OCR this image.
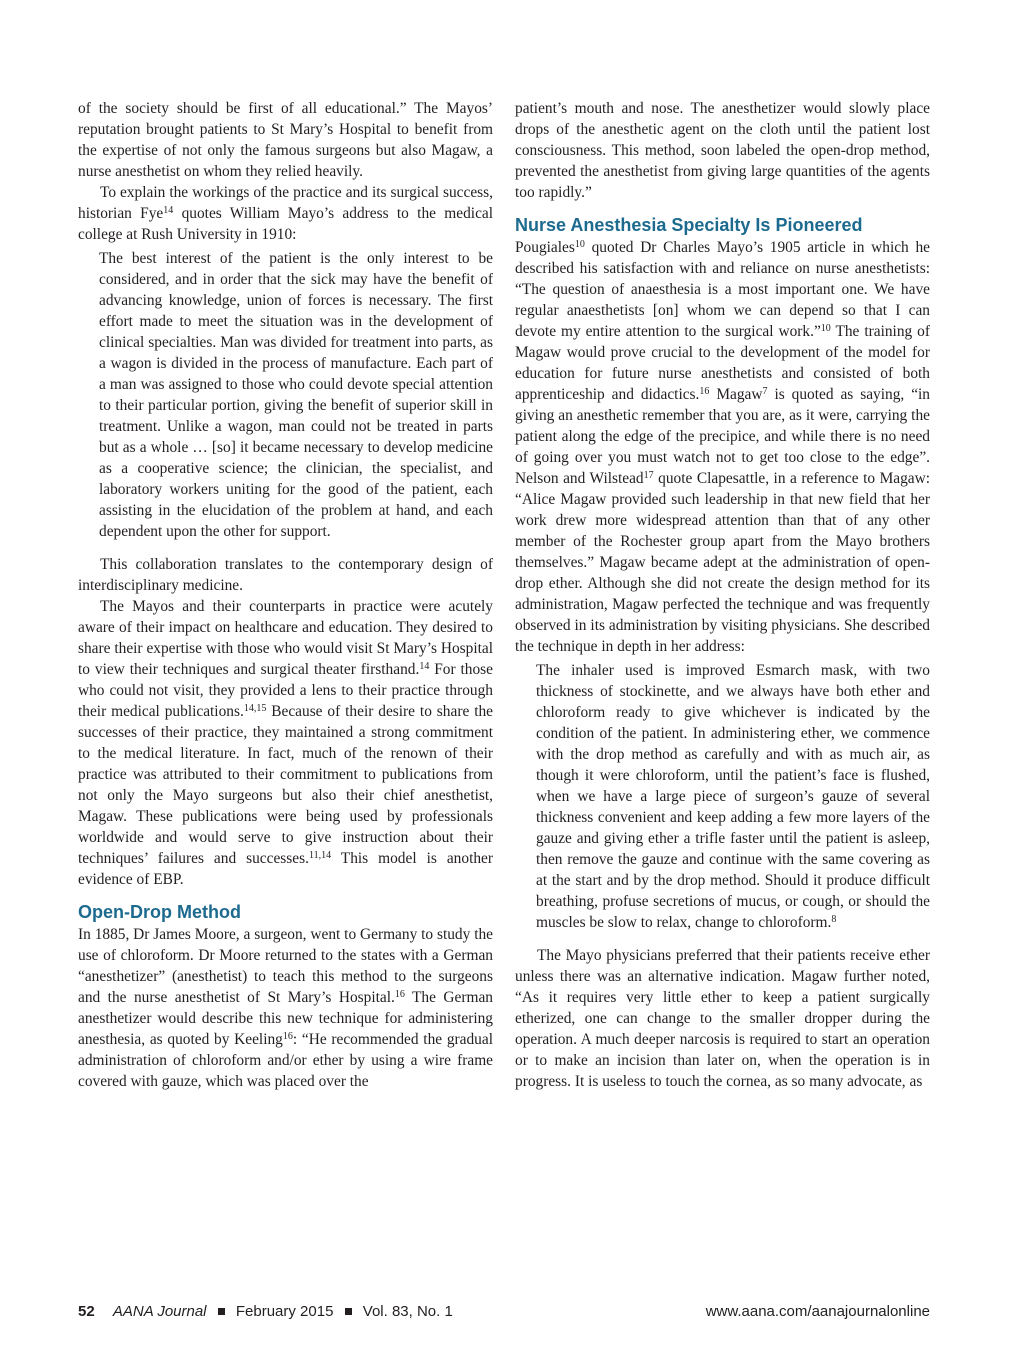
of the society should be first of all educational.” The Mayos’ reputation brought patients to St Mary’s Hospital to benefit from the expertise of not only the famous surgeons but also Magaw, a nurse anesthetist on whom they relied heavily.

To explain the workings of the practice and its surgical success, historian Fye$^{14}$ quotes William Mayo’s address to the medical college at Rush University in 1910:

The best interest of the patient is the only interest to be considered, and in order that the sick may have the benefit of advancing knowledge, union of forces is necessary. The first effort made to meet the situation was in the development of clinical specialties. Man was divided for treatment into parts, as a wagon is divided in the process of manufacture. Each part of a man was assigned to those who could devote special attention to their particular portion, giving the benefit of superior skill in treatment. Unlike a wagon, man could not be treated in parts but as a whole … [so] it became necessary to develop medicine as a cooperative science; the clinician, the specialist, and laboratory workers uniting for the good of the patient, each assisting in the elucidation of the problem at hand, and each dependent upon the other for support.

This collaboration translates to the contemporary design of interdisciplinary medicine.

The Mayos and their counterparts in practice were acutely aware of their impact on healthcare and education. They desired to share their expertise with those who would visit St Mary’s Hospital to view their techniques and surgical theater firsthand.$^{14}$ For those who could not visit, they provided a lens to their practice through their medical publications.$^{14,15}$ Because of their desire to share the successes of their practice, they maintained a strong commitment to the medical literature. In fact, much of the renown of their practice was attributed to their commitment to publications from not only the Mayo surgeons but also their chief anesthetist, Magaw. These publications were being used by professionals worldwide and would serve to give instruction about their techniques’ failures and successes.$^{11,14}$ This model is another evidence of EBP.

Open-Drop Method

In 1885, Dr James Moore, a surgeon, went to Germany to study the use of chloroform. Dr Moore returned to the states with a German “anesthetizer” (anesthetist) to teach this method to the surgeons and the nurse anesthetist of St Mary’s Hospital.$^{16}$ The German anesthetizer would describe this new technique for administering anesthesia, as quoted by Keeling$^{16}$: “He recommended the gradual administration of chloroform and/or ether by using a wire frame covered with gauze, which was placed over the

patient’s mouth and nose. The anesthetizer would slowly place drops of the anesthetic agent on the cloth until the patient lost consciousness. This method, soon labeled the open-drop method, prevented the anesthetist from giving large quantities of the agents too rapidly.”

Nurse Anesthesia Specialty Is Pioneered

Pougiales$^{10}$ quoted Dr Charles Mayo’s 1905 article in which he described his satisfaction with and reliance on nurse anesthetists: “The question of anaesthesia is a most important one. We have regular anaesthetists [on] whom we can depend so that I can devote my entire attention to the surgical work.”$^{10}$ The training of Magaw would prove crucial to the development of the model for education for future nurse anesthetists and consisted of both apprenticeship and didactics.$^{16}$ Magaw$^7$ is quoted as saying, “in giving an anesthetic remember that you are, as it were, carrying the patient along the edge of the precipice, and while there is no need of going over you must watch not to get too close to the edge”. Nelson and Wilstead$^{17}$ quote Clapesattle, in a reference to Magaw: “Alice Magaw provided such leadership in that new field that her work drew more widespread attention than that of any other member of the Rochester group apart from the Mayo brothers themselves.” Magaw became adept at the administration of open-drop ether. Although she did not create the design method for its administration, Magaw perfected the technique and was frequently observed in its administration by visiting physicians. She described the technique in depth in her address:

The inhaler used is improved Esmarch mask, with two thickness of stockinette, and we always have both ether and chloroform ready to give whichever is indicated by the condition of the patient. In administering ether, we commence with the drop method as carefully and with as much air, as though it were chloroform, until the patient’s face is flushed, when we have a large piece of surgeon’s gauze of several thickness convenient and keep adding a few more layers of the gauze and giving ether a trifle faster until the patient is asleep, then remove the gauze and continue with the same covering as at the start and by the drop method. Should it produce difficult breathing, profuse secretions of mucus, or cough, or should the muscles be slow to relax, change to chloroform.$^8$

The Mayo physicians preferred that their patients receive ether unless there was an alternative indication. Magaw further noted, “As it requires very little ether to keep a patient surgically etherized, one can change to the smaller dropper during the operation. A much deeper narcosis is required to start an operation or to make an incision than later on, when the operation is in progress. It is useless to touch the cornea, as so many advocate, as

52 AANA Journal February 2015 Vol. 83, No. 1	www.aana.com/aanajournalonline
